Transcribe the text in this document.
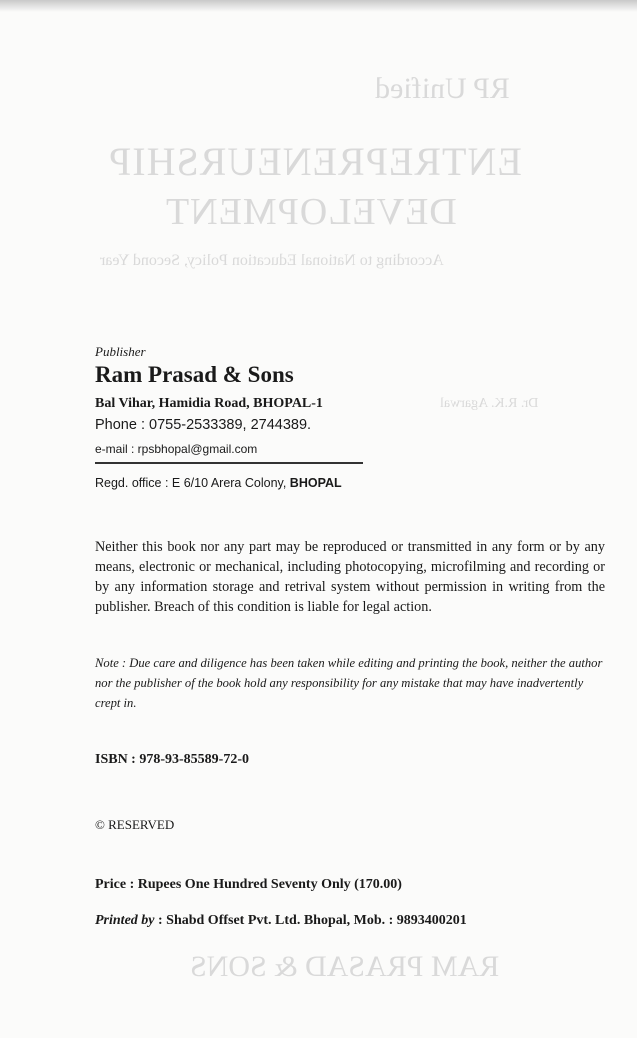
RP Unified
ENTREPRENEURSHIP
DEVELOPMENT
According to National Education Policy, Second Year
Dr. R.K. Agarwal
RAM PRASAD & SONS
Publisher
Ram Prasad & Sons
Bal Vihar, Hamidia Road, BHOPAL-1
Phone : 0755-2533389, 2744389.
e-mail : rpsbhopal@gmail.com
Regd. office : E 6/10 Arera Colony, BHOPAL
Neither this book nor any part may be reproduced or transmitted in any form or by any means, electronic or mechanical, including photocopying, microfilming and recording or by any information storage and retrival system without permission in writing from the publisher. Breach of this condition is liable for legal action.
Note : Due care and diligence has been taken while editing and printing the book, neither the author nor the publisher of the book hold any responsibility for any mistake that may have inadvertently crept in.
ISBN : 978-93-85589-72-0
© RESERVED
Price : Rupees One Hundred Seventy Only (170.00)
Printed by : Shabd Offset Pvt. Ltd. Bhopal, Mob. : 9893400201
